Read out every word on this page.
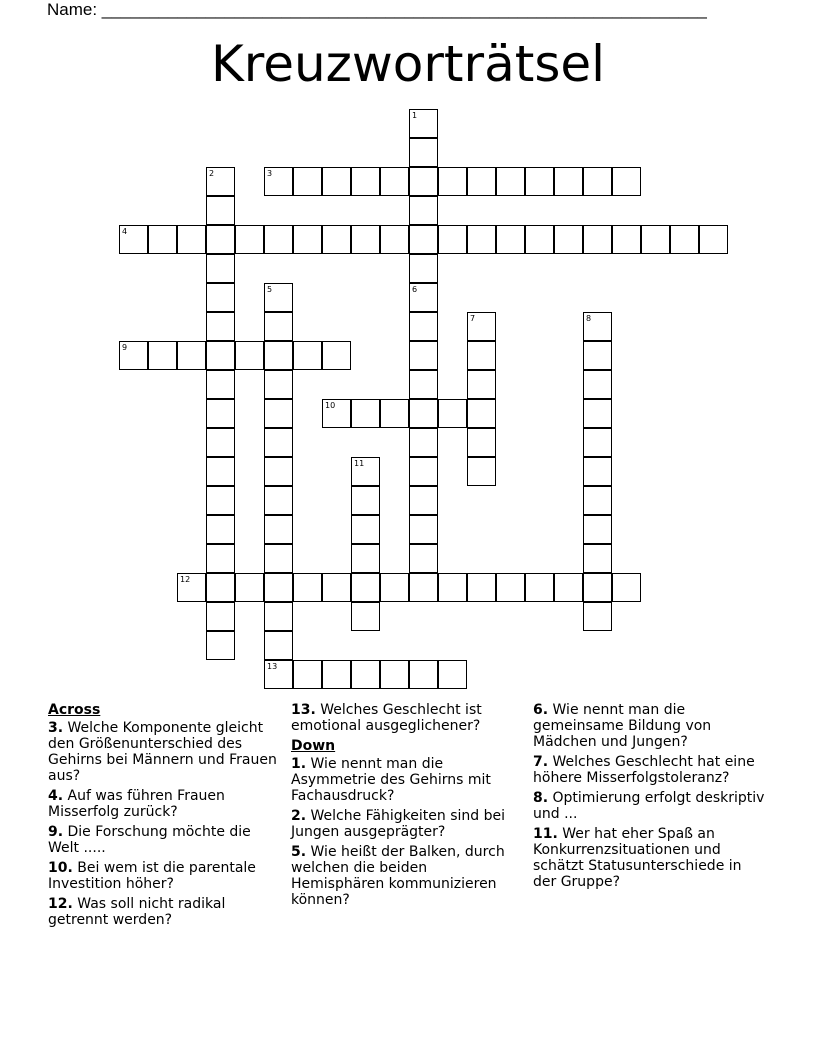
Name: ________________________________________________________________
Kreuzworträtsel
1
6
2	3
4
5
7	8
9
10
11
12
13
Across
3. Welche Komponente gleicht den Größenunterschied des Gehirns bei Männern und Frauen aus?
4. Auf was führen Frauen Misserfolg zurück?
9. Die Forschung möchte die Welt .....
10. Bei wem ist die parentale Investition höher?
12. Was soll nicht radikal getrennt werden?
13. Welches Geschlecht ist emotional ausgeglichener?
Down
1. Wie nennt man die Asymmetrie des Gehirns mit Fachausdruck?
2. Welche Fähigkeiten sind bei Jungen ausgeprägter?
5. Wie heißt der Balken, durch welchen die beiden Hemisphären kommunizieren können?
6. Wie nennt man die gemeinsame Bildung von Mädchen und Jungen?
7. Welches Geschlecht hat eine höhere Misserfolgstoleranz?
8. Optimierung erfolgt deskriptiv und ...
11. Wer hat eher Spaß an Konkurrenzsituationen und schätzt Statusunterschiede in der Gruppe?
